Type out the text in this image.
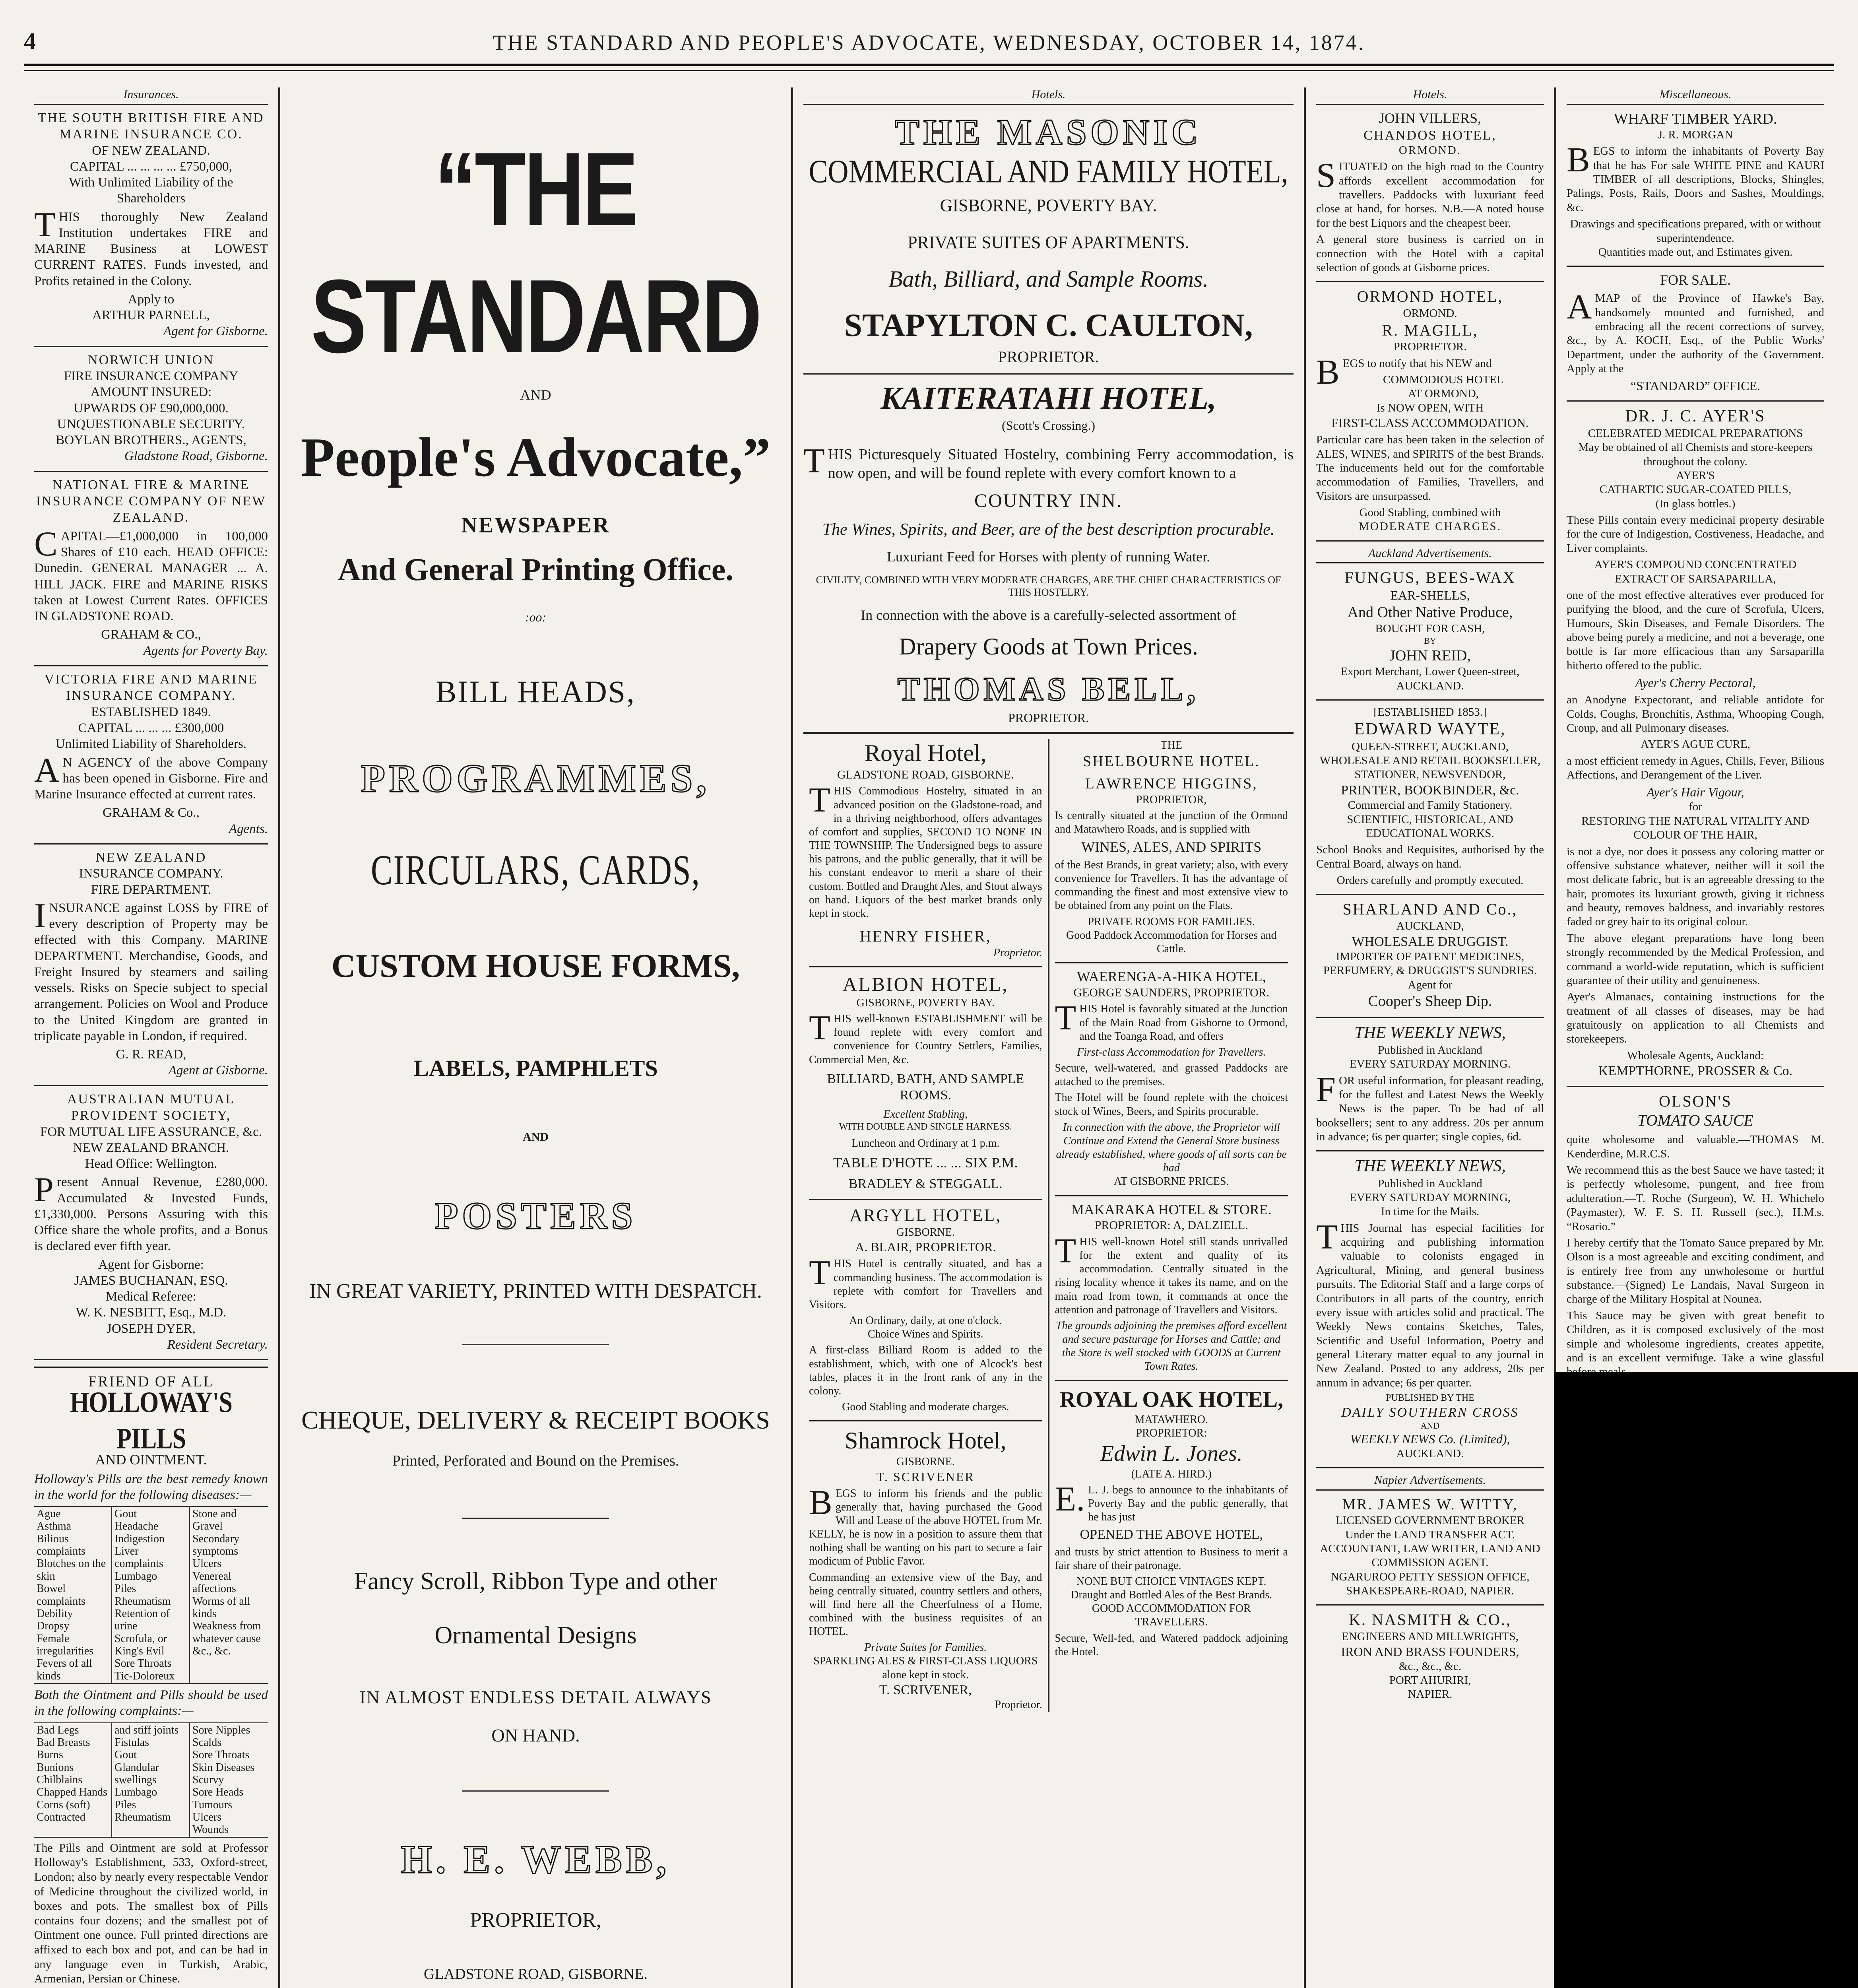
4	THE STANDARD AND PEOPLE'S ADVOCATE, WEDNESDAY, OCTOBER 14, 1874.
Insurances.
THE SOUTH BRITISH FIRE AND MARINE INSURANCE CO.
OF NEW ZEALAND.
CAPITAL ... ... ... ... £750,000,
With Unlimited Liability of the Shareholders
THIS thoroughly New Zealand Institution undertakes FIRE and MARINE Business at LOWEST CURRENT RATES. Funds invested, and Profits retained in the Colony.
Apply to
ARTHUR PARNELL,
Agent for Gisborne.
NORWICH UNION
FIRE INSURANCE COMPANY
AMOUNT INSURED:
UPWARDS OF £90,000,000.
UNQUESTIONABLE SECURITY.
BOYLAN BROTHERS., AGENTS,
Gladstone Road, Gisborne.
NATIONAL FIRE & MARINE INSURANCE COMPANY OF NEW ZEALAND.
CAPITAL—£1,000,000 in 100,000 Shares of £10 each. HEAD OFFICE: Dunedin. GENERAL MANAGER ... A. HILL JACK. FIRE and MARINE RISKS taken at Lowest Current Rates. OFFICES IN GLADSTONE ROAD.
GRAHAM & CO.,
Agents for Poverty Bay.
VICTORIA FIRE AND MARINE INSURANCE COMPANY.
ESTABLISHED 1849.
CAPITAL ... ... ... £300,000
Unlimited Liability of Shareholders.
AN AGENCY of the above Company has been opened in Gisborne. Fire and Marine Insurance effected at current rates.
GRAHAM & Co.,
Agents.
NEW ZEALAND
INSURANCE COMPANY.
FIRE DEPARTMENT.
INSURANCE against LOSS by FIRE of every description of Property may be effected with this Company. MARINE DEPARTMENT. Merchandise, Goods, and Freight Insured by steamers and sailing vessels. Risks on Specie subject to special arrangement. Policies on Wool and Produce to the United Kingdom are granted in triplicate payable in London, if required.
G. R. READ,
Agent at Gisborne.
AUSTRALIAN MUTUAL PROVIDENT SOCIETY,
FOR MUTUAL LIFE ASSURANCE, &c.
NEW ZEALAND BRANCH.
Head Office: Wellington.
Present Annual Revenue, £280,000. Accumulated & Invested Funds, £1,330,000. Persons Assuring with this Office share the whole profits, and a Bonus is declared ever fifth year.
Agent for Gisborne:
JAMES BUCHANAN, ESQ.
Medical Referee:
W. K. NESBITT, Esq., M.D.
JOSEPH DYER,
Resident Secretary.
FRIEND OF ALL
HOLLOWAY'S PILLS
AND OINTMENT.
Holloway's Pills are the best remedy known in the world for the following diseases:—
Ague
Asthma
Bilious complaints
Blotches on the skin
Bowel complaints
Debility
Dropsy
Female irregularities
Fevers of all kinds
Gout
Headache
Indigestion
Liver complaints
Lumbago
Piles
Rheumatism
Retention of urine
Scrofula, or King's Evil
Sore Throats
Tic-Doloreux
Stone and Gravel
Secondary symptoms
Ulcers
Venereal affections
Worms of all kinds
Weakness from whatever cause
&c., &c.
Both the Ointment and Pills should be used in the following complaints:—
Bad Legs
Bad Breasts
Burns
Bunions
Chilblains
Chapped Hands
Corns (soft)
Contracted
and stiff joints
Fistulas
Gout
Glandular swellings
Lumbago
Piles
Rheumatism
Sore Nipples
Scalds
Sore Throats
Skin Diseases
Scurvy
Sore Heads
Tumours
Ulcers
Wounds
The Pills and Ointment are sold at Professor Holloway's Establishment, 533, Oxford-street, London; also by nearly every respectable Vendor of Medicine throughout the civilized world, in boxes and pots. The smallest box of Pills contains four dozens; and the smallest pot of Ointment one ounce. Full printed directions are affixed to each box and pot, and can be had in any language even in Turkish, Arabic, Armenian, Persian or Chinese.
“THE STANDARD
AND
People's Advocate,”
NEWSPAPER
And General Printing Office.
:oo:
BILL HEADS,
PROGRAMMES,
CIRCULARS, CARDS,
CUSTOM HOUSE FORMS,
LABELS, PAMPHLETS
AND
POSTERS
IN GREAT VARIETY, PRINTED WITH DESPATCH.
CHEQUE, DELIVERY & RECEIPT BOOKS
Printed, Perforated and Bound on the Premises.
Fancy Scroll, Ribbon Type and other
Ornamental Designs
IN ALMOST ENDLESS DETAIL ALWAYS
ON HAND.
H. E. WEBB,
PROPRIETOR,
GLADSTONE ROAD, GISBORNE.
Hotels.
THE MASONIC
COMMERCIAL AND FAMILY HOTEL,
GISBORNE, POVERTY BAY.
PRIVATE SUITES OF APARTMENTS.
Bath, Billiard, and Sample Rooms.
STAPYLTON C. CAULTON,
PROPRIETOR.
KAITERATAHI HOTEL,
(Scott's Crossing.)
THIS Picturesquely Situated Hostelry, combining Ferry accommodation, is now open, and will be found replete with every comfort known to a
COUNTRY INN.
The Wines, Spirits, and Beer, are of the best description procurable.
Luxuriant Feed for Horses with plenty of running Water.
CIVILITY, COMBINED WITH VERY MODERATE CHARGES, ARE THE CHIEF CHARACTERISTICS OF THIS HOSTELRY.
In connection with the above is a carefully-selected assortment of
Drapery Goods at Town Prices.
THOMAS BELL,
PROPRIETOR.
Royal Hotel,
GLADSTONE ROAD, GISBORNE.
THIS Commodious Hostelry, situated in an advanced position on the Gladstone-road, and in a thriving neighborhood, offers advantages of comfort and supplies, SECOND TO NONE IN THE TOWNSHIP. The Undersigned begs to assure his patrons, and the public generally, that it will be his constant endeavor to merit a share of their custom. Bottled and Draught Ales, and Stout always on hand. Liquors of the best market brands only kept in stock.
HENRY FISHER,
Proprietor.
ALBION HOTEL,
GISBORNE, POVERTY BAY.
THIS well-known ESTABLISHMENT will be found replete with every comfort and convenience for Country Settlers, Families, Commercial Men, &c.
BILLIARD, BATH, AND SAMPLE ROOMS.
Excellent Stabling,
WITH DOUBLE AND SINGLE HARNESS.
Luncheon and Ordinary at 1 p.m.
TABLE D'HOTE ... ... SIX P.M.
BRADLEY & STEGGALL.
ARGYLL HOTEL,
GISBORNE.
A. BLAIR, PROPRIETOR.
THIS Hotel is centrally situated, and has a commanding business. The accommodation is replete with comfort for Travellers and Visitors.
An Ordinary, daily, at one o'clock.
Choice Wines and Spirits.
A first-class Billiard Room is added to the establishment, which, with one of Alcock's best tables, places it in the front rank of any in the colony.
Good Stabling and moderate charges.
Shamrock Hotel,
GISBORNE.
T. SCRIVENER
BEGS to inform his friends and the public generally that, having purchased the Good Will and Lease of the above HOTEL from Mr. KELLY, he is now in a position to assure them that nothing shall be wanting on his part to secure a fair modicum of Public Favor.
Commanding an extensive view of the Bay, and being centrally situated, country settlers and others, will find here all the Cheerfulness of a Home, combined with the business requisites of an HOTEL.
Private Suites for Families.
SPARKLING ALES & FIRST-CLASS LIQUORS alone kept in stock.
T. SCRIVENER,
Proprietor.
THE
SHELBOURNE HOTEL.
LAWRENCE HIGGINS,
PROPRIETOR,
Is centrally situated at the junction of the Ormond and Matawhero Roads, and is supplied with
WINES, ALES, AND SPIRITS
of the Best Brands, in great variety; also, with every convenience for Travellers. It has the advantage of commanding the finest and most extensive view to be obtained from any point on the Flats.
PRIVATE ROOMS FOR FAMILIES.
Good Paddock Accommodation for Horses and Cattle.
WAERENGA-A-HIKA HOTEL,
GEORGE SAUNDERS, PROPRIETOR.
THIS Hotel is favorably situated at the Junction of the Main Road from Gisborne to Ormond, and the Toanga Road, and offers
First-class Accommodation for Travellers.
Secure, well-watered, and grassed Paddocks are attached to the premises.
The Hotel will be found replete with the choicest stock of Wines, Beers, and Spirits procurable.
In connection with the above, the Proprietor will Continue and Extend the General Store business already established, where goods of all sorts can be had
AT GISBORNE PRICES.
MAKARAKA HOTEL & STORE.
PROPRIETOR: A, DALZIELL.
THIS well-known Hotel still stands unrivalled for the extent and quality of its accommodation. Centrally situated in the rising locality whence it takes its name, and on the main road from town, it commands at once the attention and patronage of Travellers and Visitors.
The grounds adjoining the premises afford excellent and secure pasturage for Horses and Cattle; and the Store is well stocked with GOODS at Current Town Rates.
ROYAL OAK HOTEL,
MATAWHERO.
PROPRIETOR:
Edwin L. Jones.
(LATE A. HIRD.)
E.L. J. begs to announce to the inhabitants of Poverty Bay and the public generally, that he has just
OPENED THE ABOVE HOTEL,
and trusts by strict attention to Business to merit a fair share of their patronage.
NONE BUT CHOICE VINTAGES KEPT.
Draught and Bottled Ales of the Best Brands.
GOOD ACCOMMODATION FOR TRAVELLERS.
Secure, Well-fed, and Watered paddock adjoining the Hotel.
Hotels.
JOHN VILLERS,
CHANDOS HOTEL,
ORMOND.
SITUATED on the high road to the Country affords excellent accommodation for travellers. Paddocks with luxuriant feed close at hand, for horses. N.B.—A noted house for the best Liquors and the cheapest beer.
A general store business is carried on in connection with the Hotel with a capital selection of goods at Gisborne prices.
ORMOND HOTEL,
ORMOND.
R. MAGILL,
PROPRIETOR.
BEGS to notify that his NEW and
COMMODIOUS HOTEL
AT ORMOND,
Is NOW OPEN, WITH
FIRST-CLASS ACCOMMODATION.
Particular care has been taken in the selection of ALES, WINES, and SPIRITS of the best Brands. The inducements held out for the comfortable accommodation of Families, Travellers, and Visitors are unsurpassed.
Good Stabling, combined with
MODERATE CHARGES.
Auckland Advertisements.
FUNGUS, BEES-WAX
EAR-SHELLS,
And Other Native Produce,
BOUGHT FOR CASH,
BY
JOHN REID,
Export Merchant, Lower Queen-street,
AUCKLAND.
[ESTABLISHED 1853.]
EDWARD WAYTE,
QUEEN-STREET, AUCKLAND,
WHOLESALE AND RETAIL BOOKSELLER, STATIONER, NEWSVENDOR,
PRINTER, BOOKBINDER, &c.
Commercial and Family Stationery.
SCIENTIFIC, HISTORICAL, AND EDUCATIONAL WORKS.
School Books and Requisites, authorised by the Central Board, always on hand.
Orders carefully and promptly executed.
SHARLAND AND Co.,
AUCKLAND,
WHOLESALE DRUGGIST.
IMPORTER OF PATENT MEDICINES, PERFUMERY, & DRUGGIST'S SUNDRIES.
Agent for
Cooper's Sheep Dip.
THE WEEKLY NEWS,
Published in Auckland
EVERY SATURDAY MORNING.
FOR useful information, for pleasant reading, for the fullest and Latest News the Weekly News is the paper. To be had of all booksellers; sent to any address. 20s per annum in advance; 6s per quarter; single copies, 6d.
THE WEEKLY NEWS,
Published in Auckland
EVERY SATURDAY MORNING,
In time for the Mails.
THIS Journal has especial facilities for acquiring and publishing information valuable to colonists engaged in Agricultural, Mining, and general business pursuits. The Editorial Staff and a large corps of Contributors in all parts of the country, enrich every issue with articles solid and practical. The Weekly News contains Sketches, Tales, Scientific and Useful Information, Poetry and general Literary matter equal to any journal in New Zealand. Posted to any address, 20s per annum in advance; 6s per quarter.
PUBLISHED BY THE
DAILY SOUTHERN CROSS
AND
WEEKLY NEWS Co. (Limited),
AUCKLAND.
Napier Advertisements.
MR. JAMES W. WITTY,
LICENSED GOVERNMENT BROKER
Under the LAND TRANSFER ACT.
ACCOUNTANT, LAW WRITER, LAND AND COMMISSION AGENT.
NGARUROO PETTY SESSION OFFICE,
SHAKESPEARE-ROAD, NAPIER.
K. NASMITH & CO.,
ENGINEERS AND MILLWRIGHTS,
IRON AND BRASS FOUNDERS,
&c., &c., &c.
PORT AHURIRI,
NAPIER.
Miscellaneous.
WHARF TIMBER YARD.
J. R. MORGAN
BEGS to inform the inhabitants of Poverty Bay that he has For sale WHITE PINE and KAURI TIMBER of all descriptions, Blocks, Shingles, Palings, Posts, Rails, Doors and Sashes, Mouldings, &c.
Drawings and specifications prepared, with or without superintendence.
Quantities made out, and Estimates given.
FOR SALE.
AMAP of the Province of Hawke's Bay, handsomely mounted and furnished, and embracing all the recent corrections of survey, &c., by A. KOCH, Esq., of the Public Works' Department, under the authority of the Government. Apply at the
“STANDARD” OFFICE.
DR. J. C. AYER'S
CELEBRATED MEDICAL PREPARATIONS
May be obtained of all Chemists and store-keepers throughout the colony.
AYER'S
CATHARTIC SUGAR-COATED PILLS,
(In glass bottles.)
These Pills contain every medicinal property desirable for the cure of Indigestion, Costiveness, Headache, and Liver complaints.
AYER'S COMPOUND CONCENTRATED EXTRACT OF SARSAPARILLA,
one of the most effective alteratives ever produced for purifying the blood, and the cure of Scrofula, Ulcers, Humours, Skin Diseases, and Female Disorders. The above being purely a medicine, and not a beverage, one bottle is far more efficacious than any Sarsaparilla hitherto offered to the public.
Ayer's Cherry Pectoral,
an Anodyne Expectorant, and reliable antidote for Colds, Coughs, Bronchitis, Asthma, Whooping Cough, Croup, and all Pulmonary diseases.
AYER'S AGUE CURE,
a most efficient remedy in Agues, Chills, Fever, Bilious Affections, and Derangement of the Liver.
Ayer's Hair Vigour,
for
RESTORING THE NATURAL VITALITY AND COLOUR OF THE HAIR,
is not a dye, nor does it possess any coloring matter or offensive substance whatever, neither will it soil the most delicate fabric, but is an agreeable dressing to the hair, promotes its luxuriant growth, giving it richness and beauty, removes baldness, and invariably restores faded or grey hair to its original colour.
The above elegant preparations have long been strongly recommended by the Medical Profession, and command a world-wide reputation, which is sufficient guarantee of their utility and genuineness.
Ayer's Almanacs, containing instructions for the treatment of all classes of diseases, may be had gratuitously on application to all Chemists and storekeepers.
Wholesale Agents, Auckland:
KEMPTHORNE, PROSSER & Co.
OLSON'S
TOMATO SAUCE
quite wholesome and valuable.—THOMAS M. Kenderdine, M.R.C.S.
We recommend this as the best Sauce we have tasted; it is perfectly wholesome, pungent, and free from adulteration.—T. Roche (Surgeon), W. H. Whichelo (Paymaster), W. F. S. H. Russell (sec.), H.M.s. “Rosario.”
I hereby certify that the Tomato Sauce prepared by Mr. Olson is a most agreeable and exciting condiment, and is entirely free from any unwholesome or hurtful substance.—(Signed) Le Landais, Naval Surgeon in charge of the Military Hospital at Nounea.
This Sauce may be given with great benefit to Children, as it is composed exclusively of the most simple and wholesome ingredients, creates appetite, and is an excellent vermifuge. Take a wine glassful
